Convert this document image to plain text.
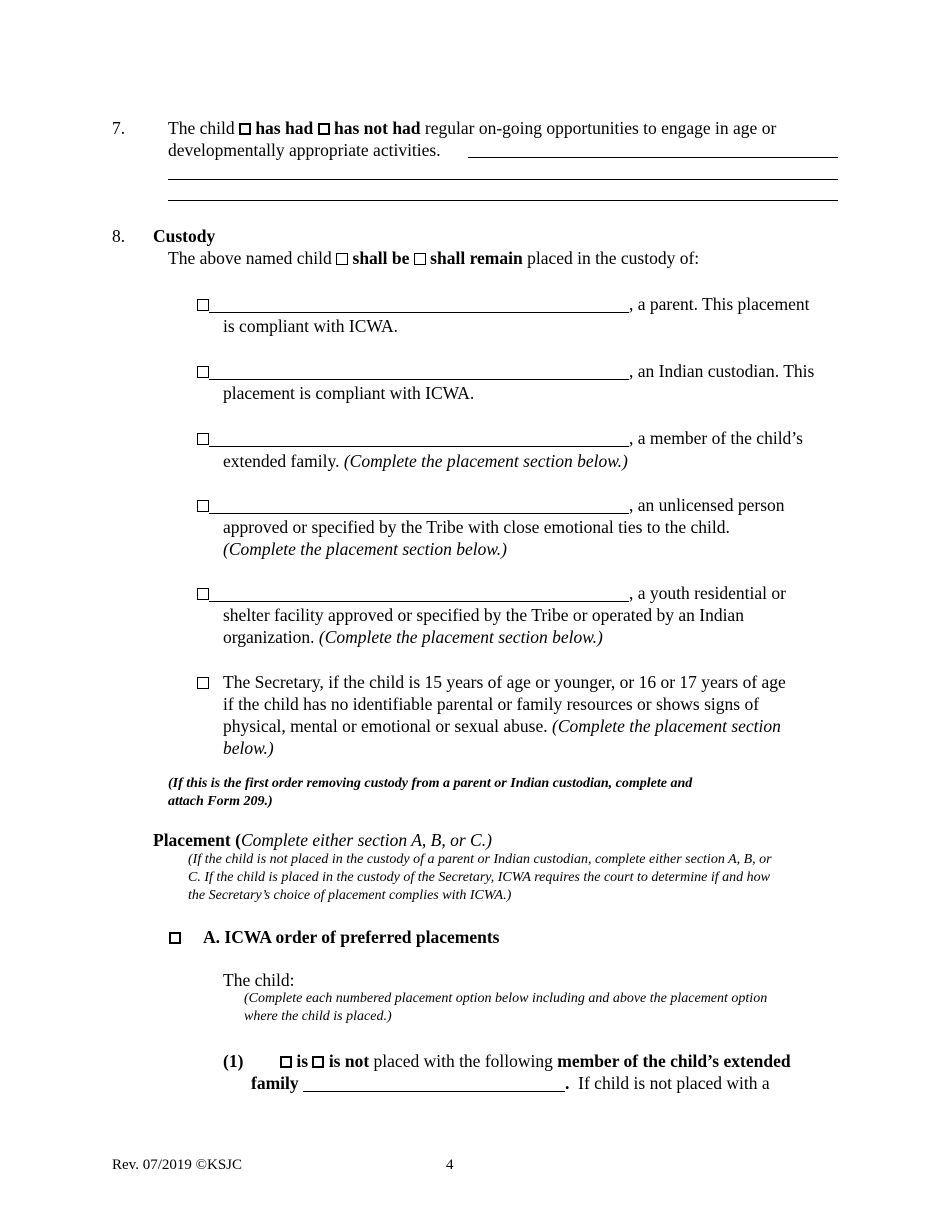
7. The child has had has not had regular on-going opportunities to engage in age or
developmentally appropriate activities.
8. Custody
The above named child shall be shall remain placed in the custody of:
, a parent. This placement
is compliant with ICWA.
, an Indian custodian. This
placement is compliant with ICWA.
, a member of the child’s
extended family. (Complete the placement section below.)
, an unlicensed person
approved or specified by the Tribe with close emotional ties to the child.
(Complete the placement section below.)
, a youth residential or
shelter facility approved or specified by the Tribe or operated by an Indian
organization. (Complete the placement section below.)
The Secretary, if the child is 15 years of age or younger, or 16 or 17 years of age
if the child has no identifiable parental or family resources or shows signs of
physical, mental or emotional or sexual abuse. (Complete the placement section
below.)
(If this is the first order removing custody from a parent or Indian custodian, complete and
attach Form 209.)
Placement (Complete either section A, B, or C.)
(If the child is not placed in the custody of a parent or Indian custodian, complete either section A, B, or
C. If the child is placed in the custody of the Secretary, ICWA requires the court to determine if and how
the Secretary’s choice of placement complies with ICWA.)
A. ICWA order of preferred placements
The child:
(Complete each numbered placement option below including and above the placement option
where the child is placed.)
(1)	is is not placed with the following member of the child’s extended
family	. If child is not placed with a
Rev. 07/2019 ©KSJC	4
